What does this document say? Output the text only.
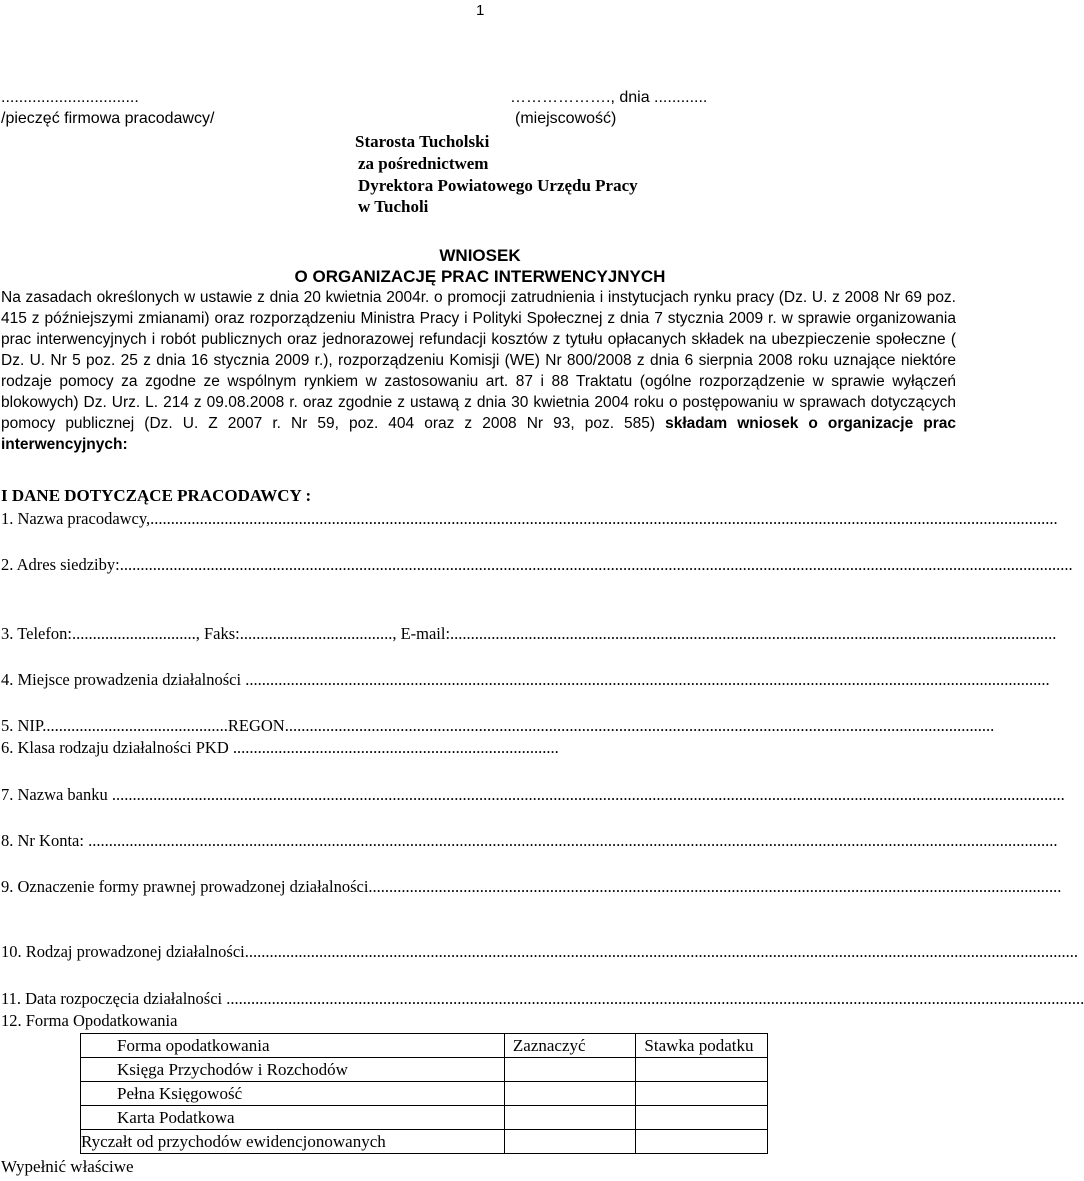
1
...............................	………………., dnia ............
/pieczęć firmowa pracodawcy/	(miejscowość)
Starosta Tucholski
za pośrednictwem
Dyrektora Powiatowego Urzędu Pracy
w Tucholi
WNIOSEK
O ORGANIZACJĘ PRAC INTERWENCYJNYCH
Na zasadach określonych w ustawie z dnia 20 kwietnia 2004r. o promocji zatrudnienia i instytucjach rynku pracy (Dz. U. z 2008 Nr 69 poz. 415 z późniejszymi zmianami) oraz rozporządzeniu Ministra Pracy i Polityki Społecznej z dnia 7 stycznia 2009 r. w sprawie organizowania prac interwencyjnych i robót publicznych oraz jednorazowej refundacji kosztów z tytułu opłacanych składek na ubezpieczenie społeczne ( Dz. U. Nr 5 poz. 25 z dnia 16 stycznia 2009 r.), rozporządzeniu Komisji (WE) Nr 800/2008 z dnia 6 sierpnia 2008 roku uznające niektóre rodzaje pomocy za zgodne ze wspólnym rynkiem w zastosowaniu art. 87 i 88 Traktatu (ogólne rozporządzenie w sprawie wyłączeń blokowych) Dz. Urz. L. 214 z 09.08.2008 r. oraz zgodnie z ustawą z dnia 30 kwietnia 2004 roku o postępowaniu w sprawach dotyczących pomocy publicznej (Dz. U. Z 2007 r. Nr 59, poz. 404 oraz z 2008 Nr 93, poz. 585) składam wniosek o organizacje prac interwencyjnych:
I DANE DOTYCZĄCE PRACODAWCY :
1. Nazwa pracodawcy,............................................................................................................................................................................................................................
2. Adres siedziby:.......................................................................................................................................................................................................................................
3. Telefon:.............................., Faks:....................................., E-mail:...................................................................................................................................................
4. Miejsce prowadzenia działalności ...................................................................................................................................................................................................
5. NIP.............................................REGON............................................................................................................................................................................
6. Klasa rodzaju działalności PKD ...............................................................................
7. Nazwa banku .......................................................................................................................................................................................................................................
8. Nr Konta: ...........................................................................................................................................................................................................................................
9. Oznaczenie formy prawnej prowadzonej działalności........................................................................................................................................................................
10. Rodzaj prowadzonej działalności..........................................................................................................................................................................................................
11. Data rozpoczęcia działalności ................................................................................................................................................................................................................
12. Forma Opodatkowania
Forma opodatkowania	Zaznaczyć	Stawka podatku
Księga Przychodów i Rozchodów		
Pełna Księgowość		
Karta Podatkowa		
Ryczałt od przychodów ewidencjonowanych		
Wypełnić właściwe
